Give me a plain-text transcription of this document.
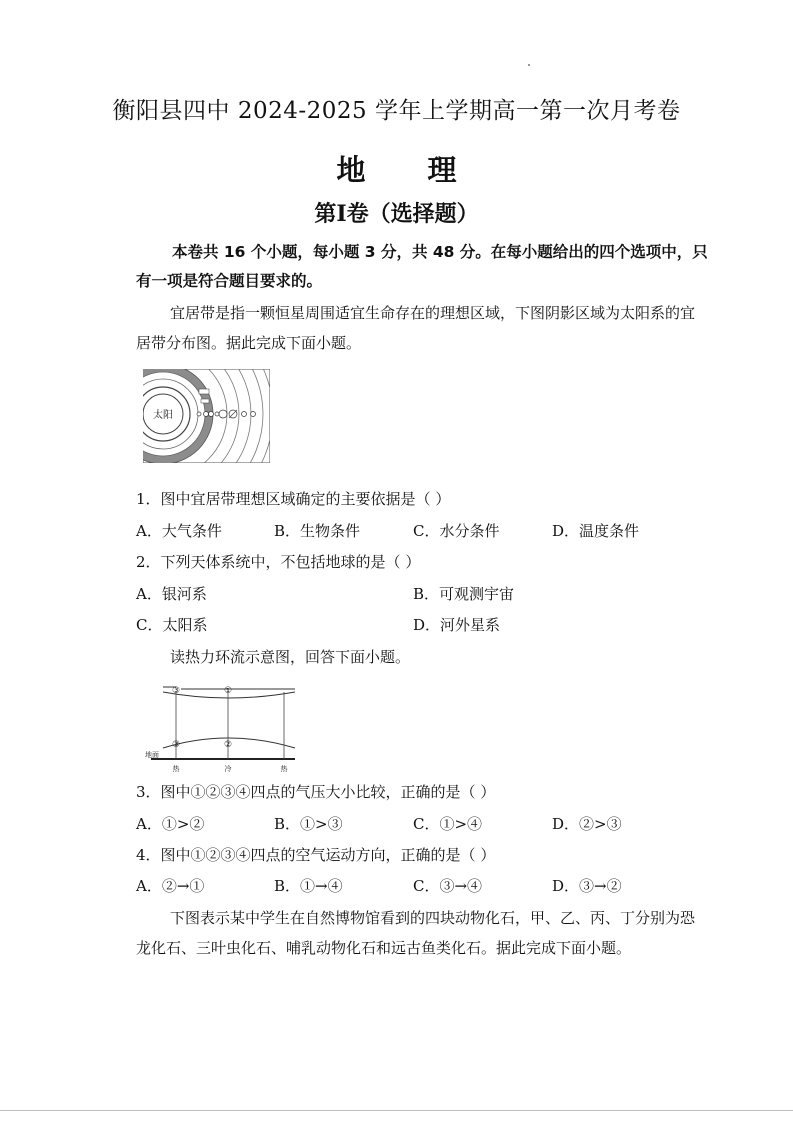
衡阳县四中 2024-2025 学年上学期高一第一次月考卷
地 理
第Ⅰ卷（选择题）
本卷共 16 个小题，每小题 3 分，共 48 分。在每小题给出的四个选项中，只
有一项是符合题目要求的。
宜居带是指一颗恒星周围适宜生命存在的理想区域，下图阴影区域为太阳系的宜
居带分布图。据此完成下面小题。
太阳
1．图中宜居带理想区域确定的主要依据是（ ）
A．大气条件	B．生物条件	C．水分条件	D．温度条件
2．下列天体系统中，不包括地球的是（ ）
A．银河系	B．可观测宇宙
C．太阳系	D．河外星系
读热力环流示意图，回答下面小题。
③	①
③	②
地面
热	冷	热
3．图中①②③④四点的气压大小比较，正确的是（ ）
A．①>②	B．①>③	C．①>④	D．②>③
4．图中①②③④四点的空气运动方向，正确的是（ ）
A．②→①	B．①→④	C．③→④	D．③→②
下图表示某中学生在自然博物馆看到的四块动物化石，甲、乙、丙、丁分别为恐
龙化石、三叶虫化石、哺乳动物化石和远古鱼类化石。据此完成下面小题。
